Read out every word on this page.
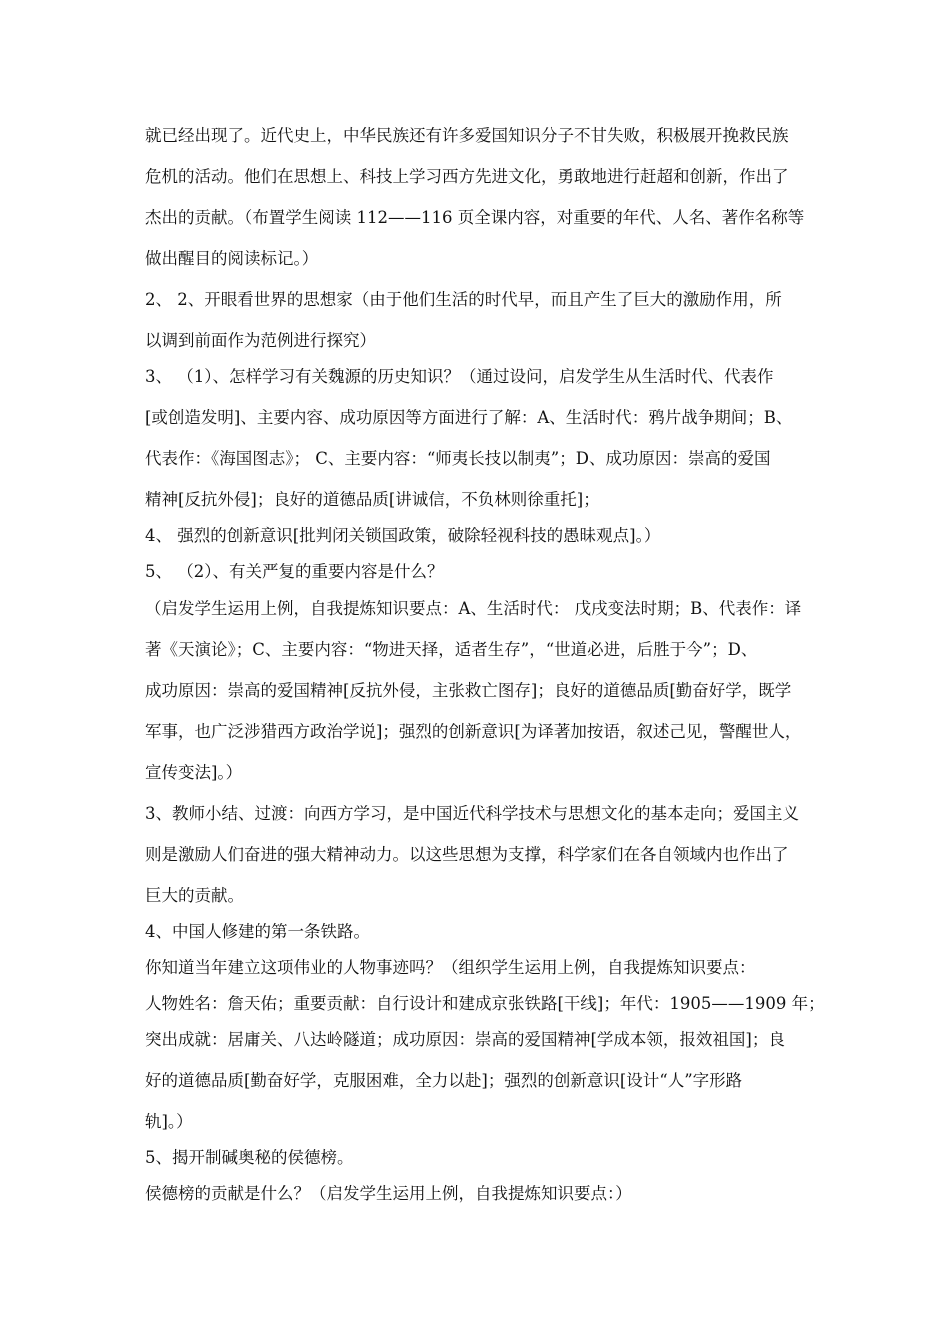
就已经出现了。近代史上，中华民族还有许多爱国知识分子不甘失败，积极展开挽救民族
危机的活动。他们在思想上、科技上学习西方先进文化，勇敢地进行赶超和创新，作出了
杰出的贡献。（布置学生阅读 112——116 页全课内容，对重要的年代、人名、著作名称等
做出醒目的阅读标记。）
2、 2、开眼看世界的思想家（由于他们生活的时代早，而且产生了巨大的激励作用，所
以调到前面作为范例进行探究）
3、 （1）、怎样学习有关魏源的历史知识？（通过设问，启发学生从生活时代、代表作
[或创造发明]、主要内容、成功原因等方面进行了解：A、生活时代：鸦片战争期间；B、
代表作：《海国图志》； C、主要内容：“师夷长技以制夷”；D、成功原因：崇高的爱国
精神[反抗外侵]；良好的道德品质[讲诚信，不负林则徐重托]；
4、 强烈的创新意识[批判闭关锁国政策，破除轻视科技的愚昧观点]。）
5、 （2）、有关严复的重要内容是什么？
（启发学生运用上例，自我提炼知识要点：A、生活时代： 戊戌变法时期；B、代表作：译
著《天演论》；C、主要内容：“物进天择，适者生存”，“世道必进，后胜于今”；D、
成功原因：崇高的爱国精神[反抗外侵，主张救亡图存]；良好的道德品质[勤奋好学，既学
军事，也广泛涉猎西方政治学说]；强烈的创新意识[为译著加按语，叙述己见，警醒世人，
宣传变法]。）
3、教师小结、过渡：向西方学习，是中国近代科学技术与思想文化的基本走向；爱国主义
则是激励人们奋进的强大精神动力。以这些思想为支撑，科学家们在各自领域内也作出了
巨大的贡献。
4、中国人修建的第一条铁路。
你知道当年建立这项伟业的人物事迹吗？（组织学生运用上例，自我提炼知识要点：
人物姓名：詹天佑；重要贡献：自行设计和建成京张铁路[干线]；年代：1905——1909 年；
突出成就：居庸关、八达岭隧道；成功原因：崇高的爱国精神[学成本领，报效祖国]；良
好的道德品质[勤奋好学，克服困难，全力以赴]；强烈的创新意识[设计“人”字形路
轨]。）
5、揭开制碱奥秘的侯德榜。
侯德榜的贡献是什么？（启发学生运用上例，自我提炼知识要点：）
